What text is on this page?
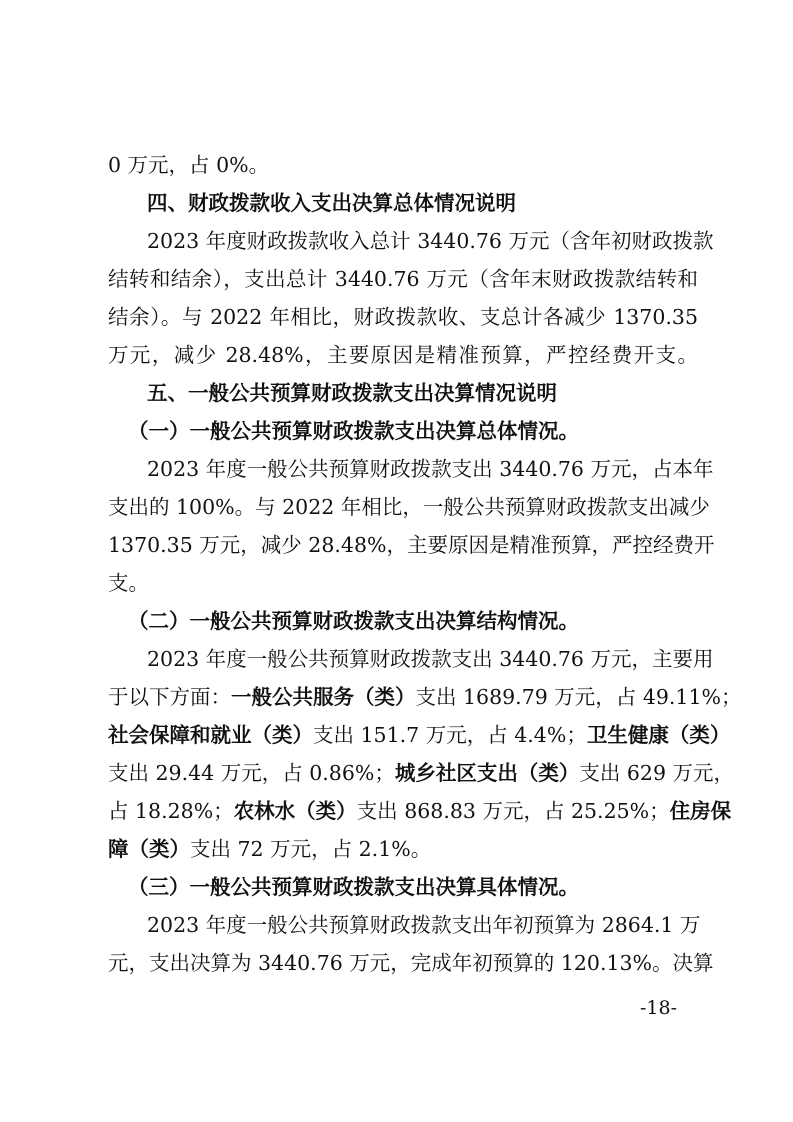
0 万元，占 0%。
四、财政拨款收入支出决算总体情况说明
2023 年度财政拨款收入总计 3440.76 万元（含年初财政拨款
结转和结余），支出总计 3440.76 万元（含年末财政拨款结转和
结余）。与 2022 年相比，财政拨款收、支总计各减少 1370.35
万元，减少 28.48%，主要原因是精准预算，严控经费开支。
五、一般公共预算财政拨款支出决算情况说明
（一）一般公共预算财政拨款支出决算总体情况。
2023 年度一般公共预算财政拨款支出 3440.76 万元，占本年
支出的 100%。与 2022 年相比，一般公共预算财政拨款支出减少
1370.35 万元，减少 28.48%，主要原因是精准预算，严控经费开
支。
（二）一般公共预算财政拨款支出决算结构情况。
2023 年度一般公共预算财政拨款支出 3440.76 万元，主要用
于以下方面：一般公共服务（类）支出 1689.79 万元，占 49.11%；
社会保障和就业（类）支出 151.7 万元，占 4.4%；卫生健康（类）
支出 29.44 万元，占 0.86%；城乡社区支出（类）支出 629 万元，
占 18.28%；农林水（类）支出 868.83 万元，占 25.25%；住房保
障（类）支出 72 万元，占 2.1%。
（三）一般公共预算财政拨款支出决算具体情况。
2023 年度一般公共预算财政拨款支出年初预算为 2864.1 万
元，支出决算为 3440.76 万元，完成年初预算的 120.13%。决算
-18-
